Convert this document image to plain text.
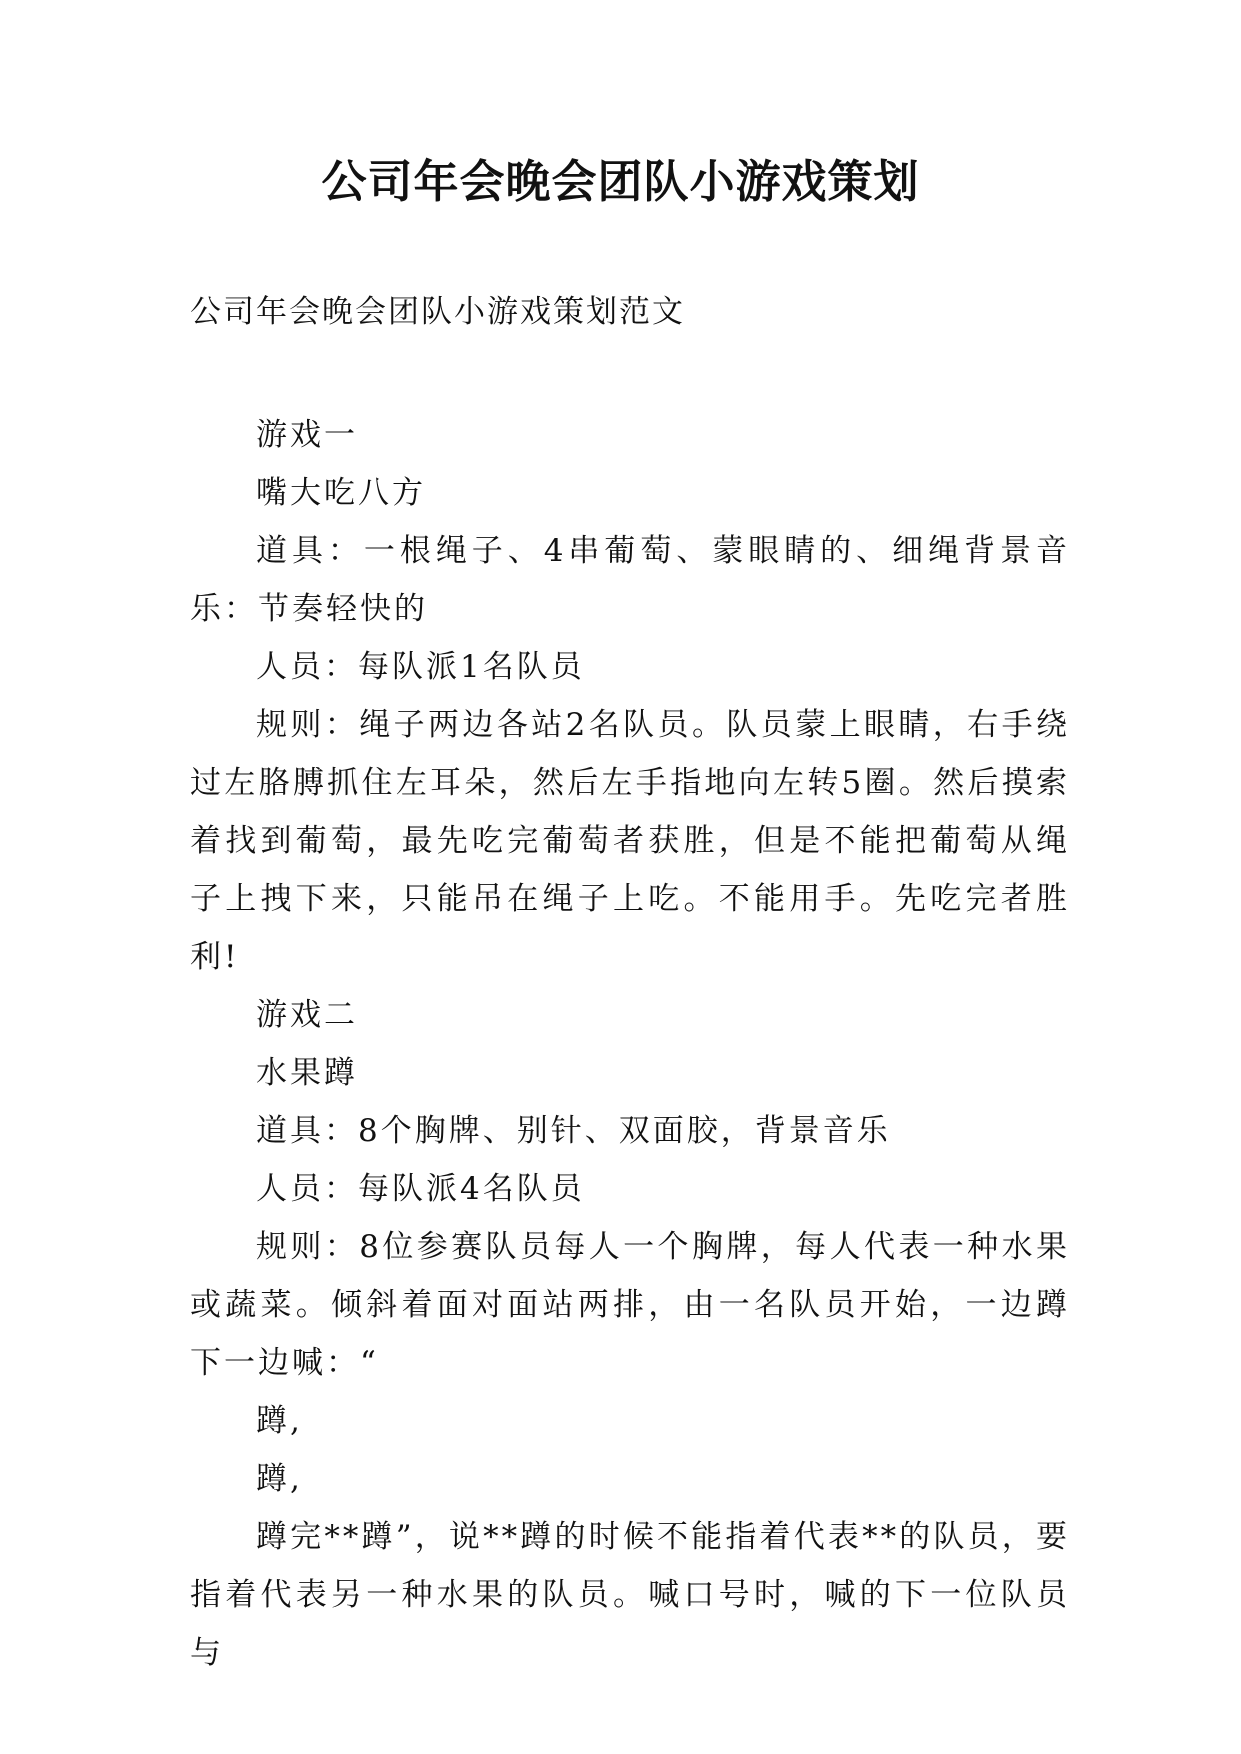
公司年会晚会团队小游戏策划
公司年会晚会团队小游戏策划范文

游戏一

嘴大吃八方

道具：一根绳子、4串葡萄、蒙眼睛的、细绳背景音乐：节奏轻快的

人员：每队派1名队员

规则：绳子两边各站2名队员。队员蒙上眼睛，右手绕过左胳膊抓住左耳朵，然后左手指地向左转5圈。然后摸索着找到葡萄，最先吃完葡萄者获胜，但是不能把葡萄从绳子上拽下来，只能吊在绳子上吃。不能用手。先吃完者胜利!

游戏二

水果蹲

道具：8个胸牌、别针、双面胶，背景音乐

人员：每队派4名队员

规则：8位参赛队员每人一个胸牌，每人代表一种水果或蔬菜。倾斜着面对面站两排，由一名队员开始，一边蹲下一边喊：“

蹲,

蹲,

蹲完**蹲”，说**蹲的时候不能指着代表**的队员，要指着代表另一种水果的队员。喊口号时，喊的下一位队员与
